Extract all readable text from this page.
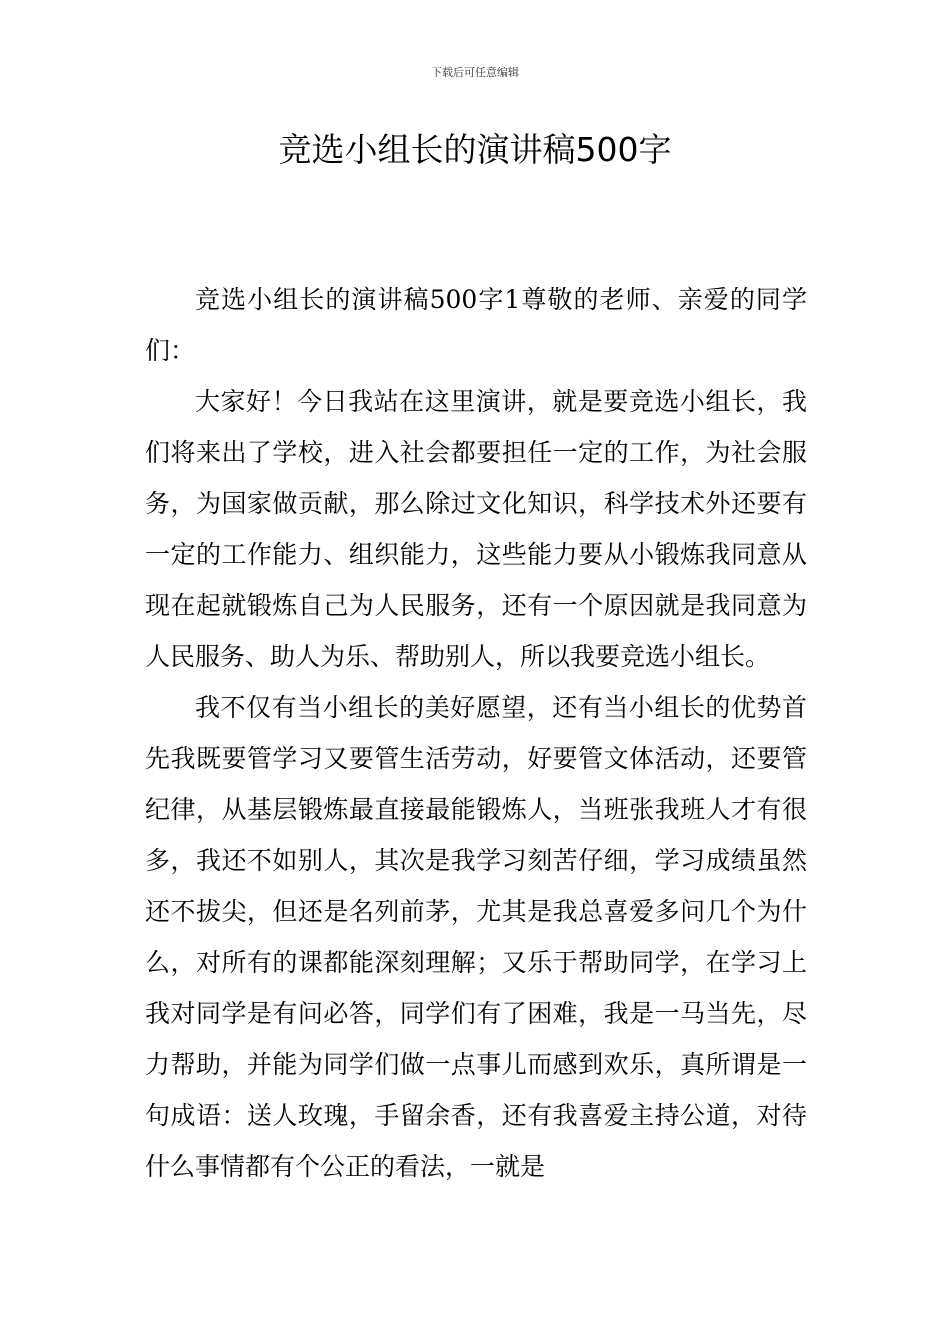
下载后可任意编辑
竞选小组长的演讲稿500字

竞选小组长的演讲稿500字1尊敬的老师、亲爱的同学们：

大家好！今日我站在这里演讲，就是要竞选小组长，我们将来出了学校，进入社会都要担任一定的工作，为社会服务，为国家做贡献，那么除过文化知识，科学技术外还要有一定的工作能力、组织能力，这些能力要从小锻炼我同意从现在起就锻炼自己为人民服务，还有一个原因就是我同意为人民服务、助人为乐、帮助别人，所以我要竞选小组长。

我不仅有当小组长的美好愿望，还有当小组长的优势首先我既要管学习又要管生活劳动，好要管文体活动，还要管纪律，从基层锻炼最直接最能锻炼人，当班张我班人才有很多，我还不如别人，其次是我学习刻苦仔细，学习成绩虽然还不拔尖，但还是名列前茅，尤其是我总喜爱多问几个为什么，对所有的课都能深刻理解；又乐于帮助同学，在学习上我对同学是有问必答，同学们有了困难，我是一马当先，尽力帮助，并能为同学们做一点事儿而感到欢乐，真所谓是一句成语：送人玫瑰，手留余香，还有我喜爱主持公道，对待什么事情都有个公正的看法，一就是
